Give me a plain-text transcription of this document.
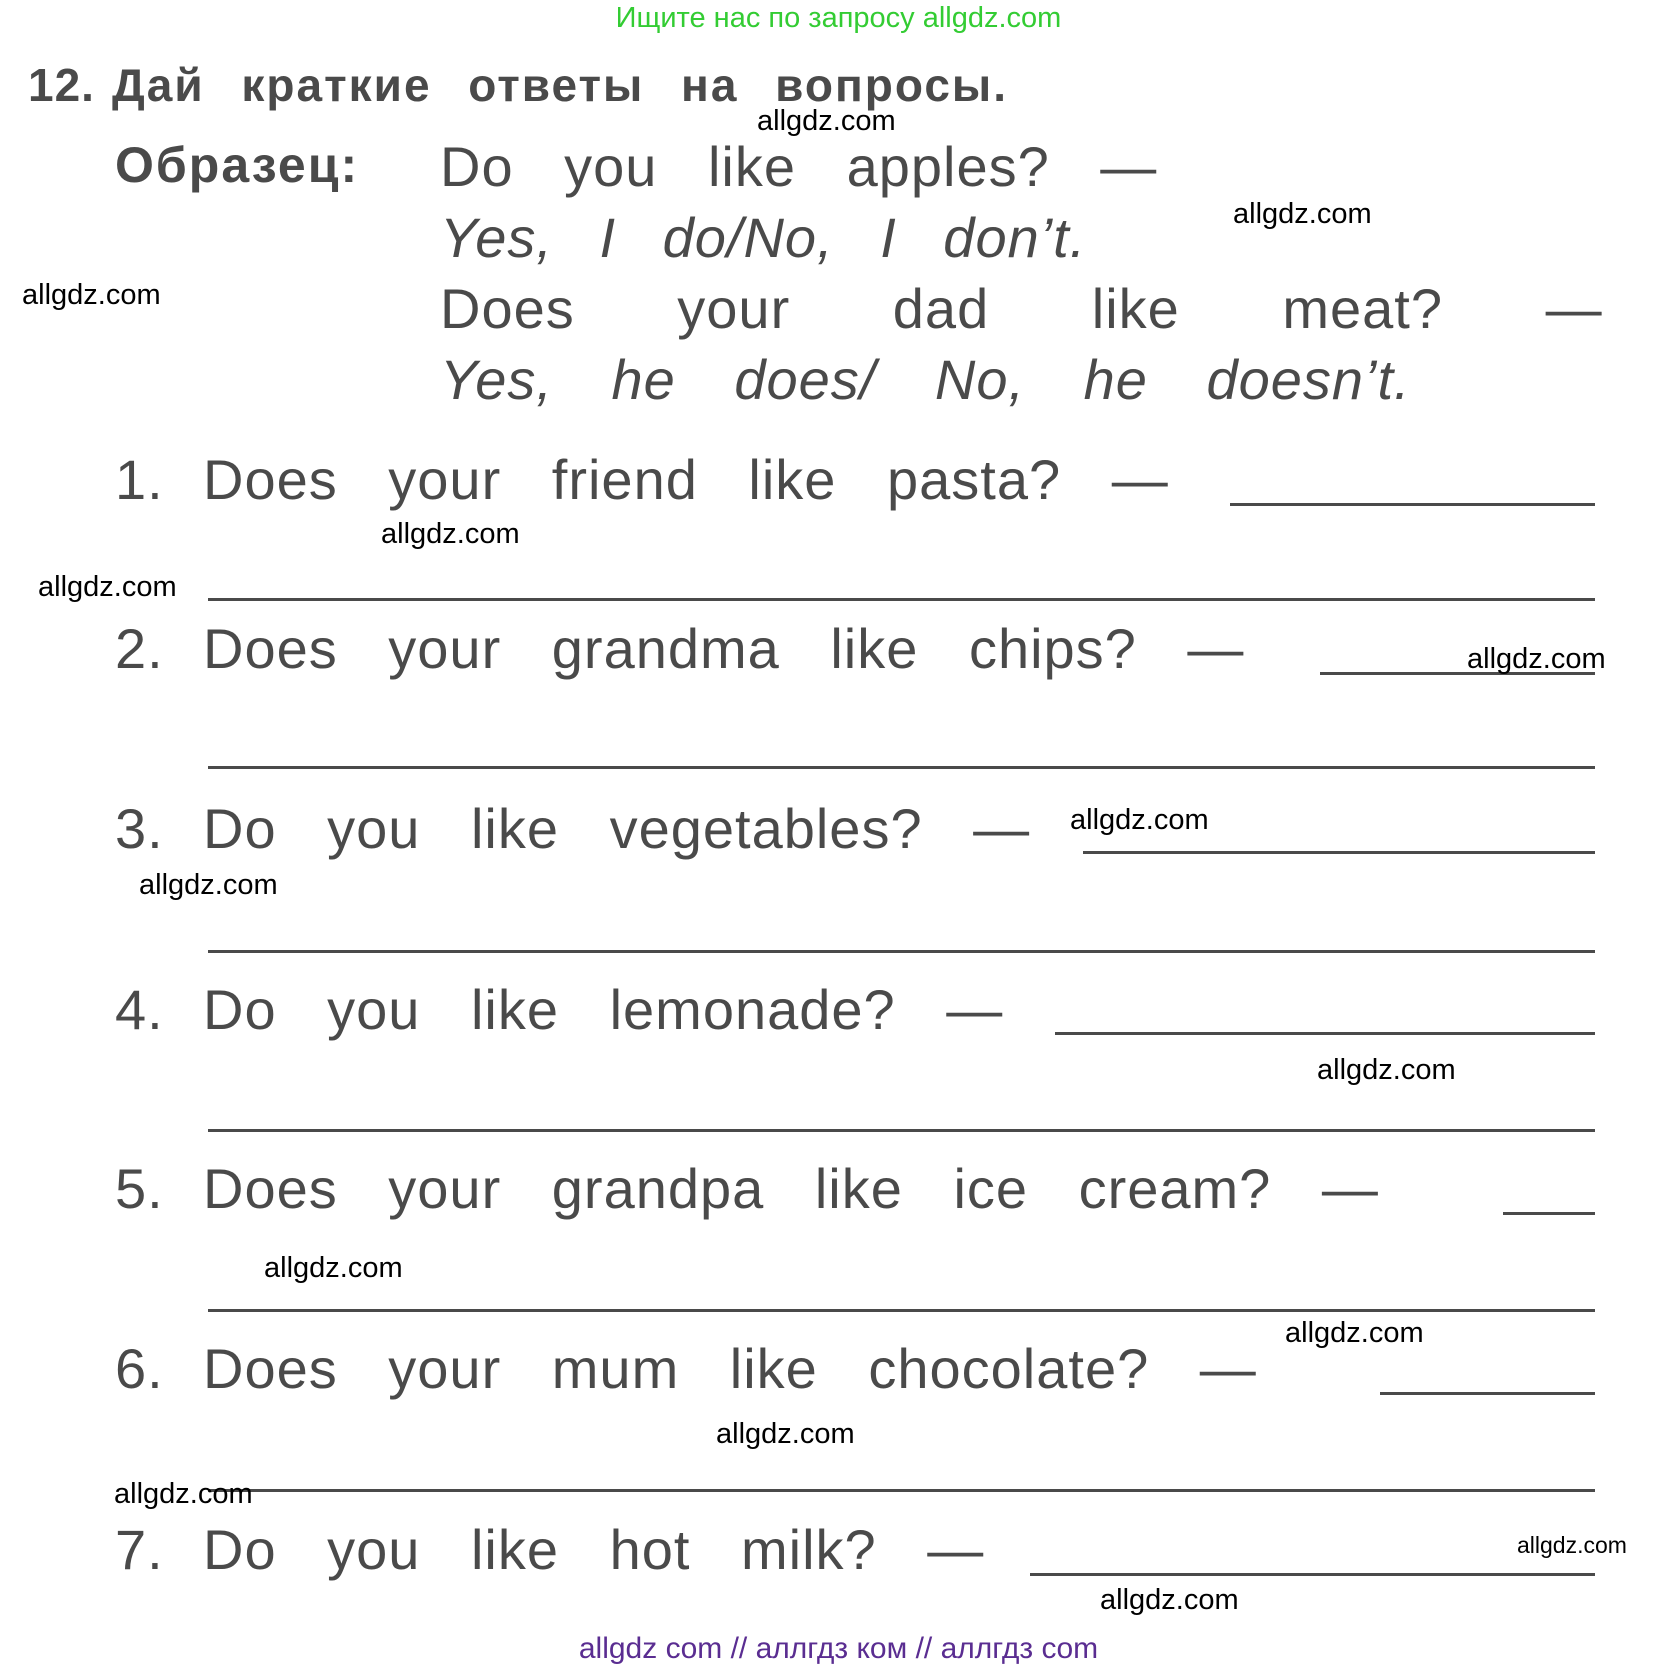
Ищите нас по запросу allgdz.com
12. Дай краткие ответы на вопросы.
Образец: Do you like apples? —
Yes, I do/No, I don’t.
Does your dad like meat? —
Yes, he does/ No, he doesn’t.
1. Does your friend like pasta? —
2. Does your grandma like chips? —
3. Do you like vegetables? —
4. Do you like lemonade? —
5. Does your grandpa like ice cream? —
6. Does your mum like chocolate? —
7. Do you like hot milk? —
allgdz.com
allgdz.com
allgdz.com
allgdz.com
allgdz.com
allgdz.com
allgdz.com
allgdz.com
allgdz.com
allgdz.com
allgdz.com
allgdz.com
allgdz.com
allgdz.com
allgdz.com
allgdz com // аллгдз ком // аллгдз com
